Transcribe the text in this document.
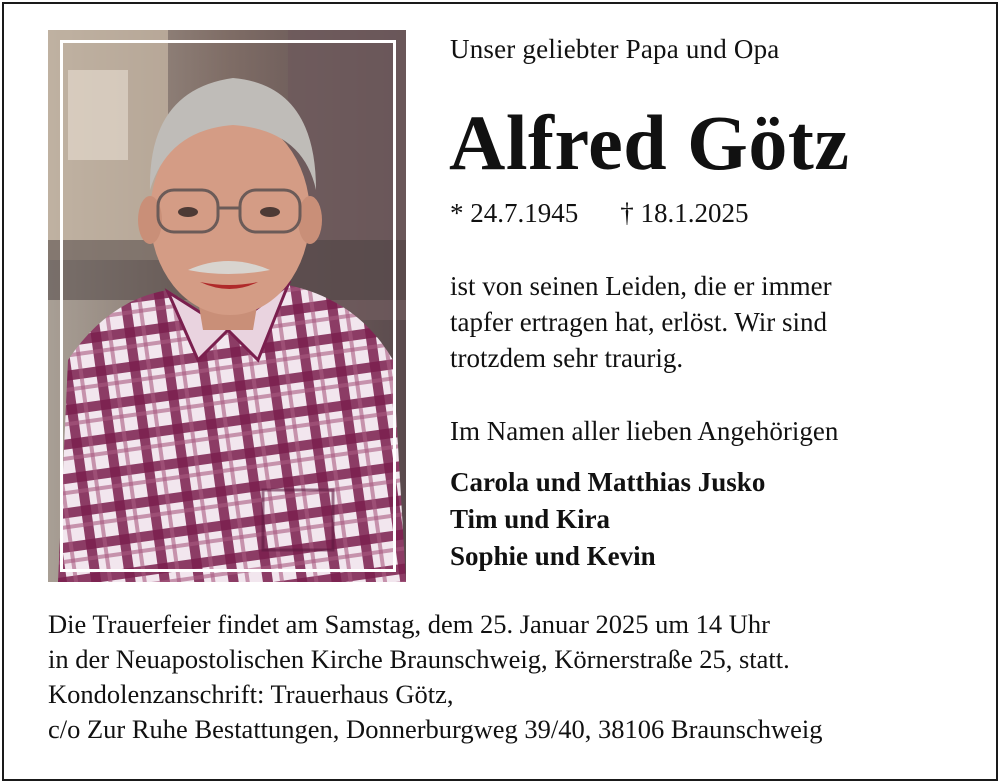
Unser geliebter Papa und Opa
Alfred Götz
* 24.7.1945 † 18.1.2025
ist von seinen Leiden, die er immer
tapfer ertragen hat, erlöst. Wir sind
trotzdem sehr traurig.
Im Namen aller lieben Angehörigen
Carola und Matthias Jusko
Tim und Kira
Sophie und Kevin
Die Trauerfeier findet am Samstag, dem 25. Januar 2025 um 14 Uhr
in der Neuapostolischen Kirche Braunschweig, Körnerstraße 25, statt.
Kondolenzanschrift: Trauerhaus Götz,
c/o Zur Ruhe Bestattungen, Donnerburgweg 39/40, 38106 Braunschweig
